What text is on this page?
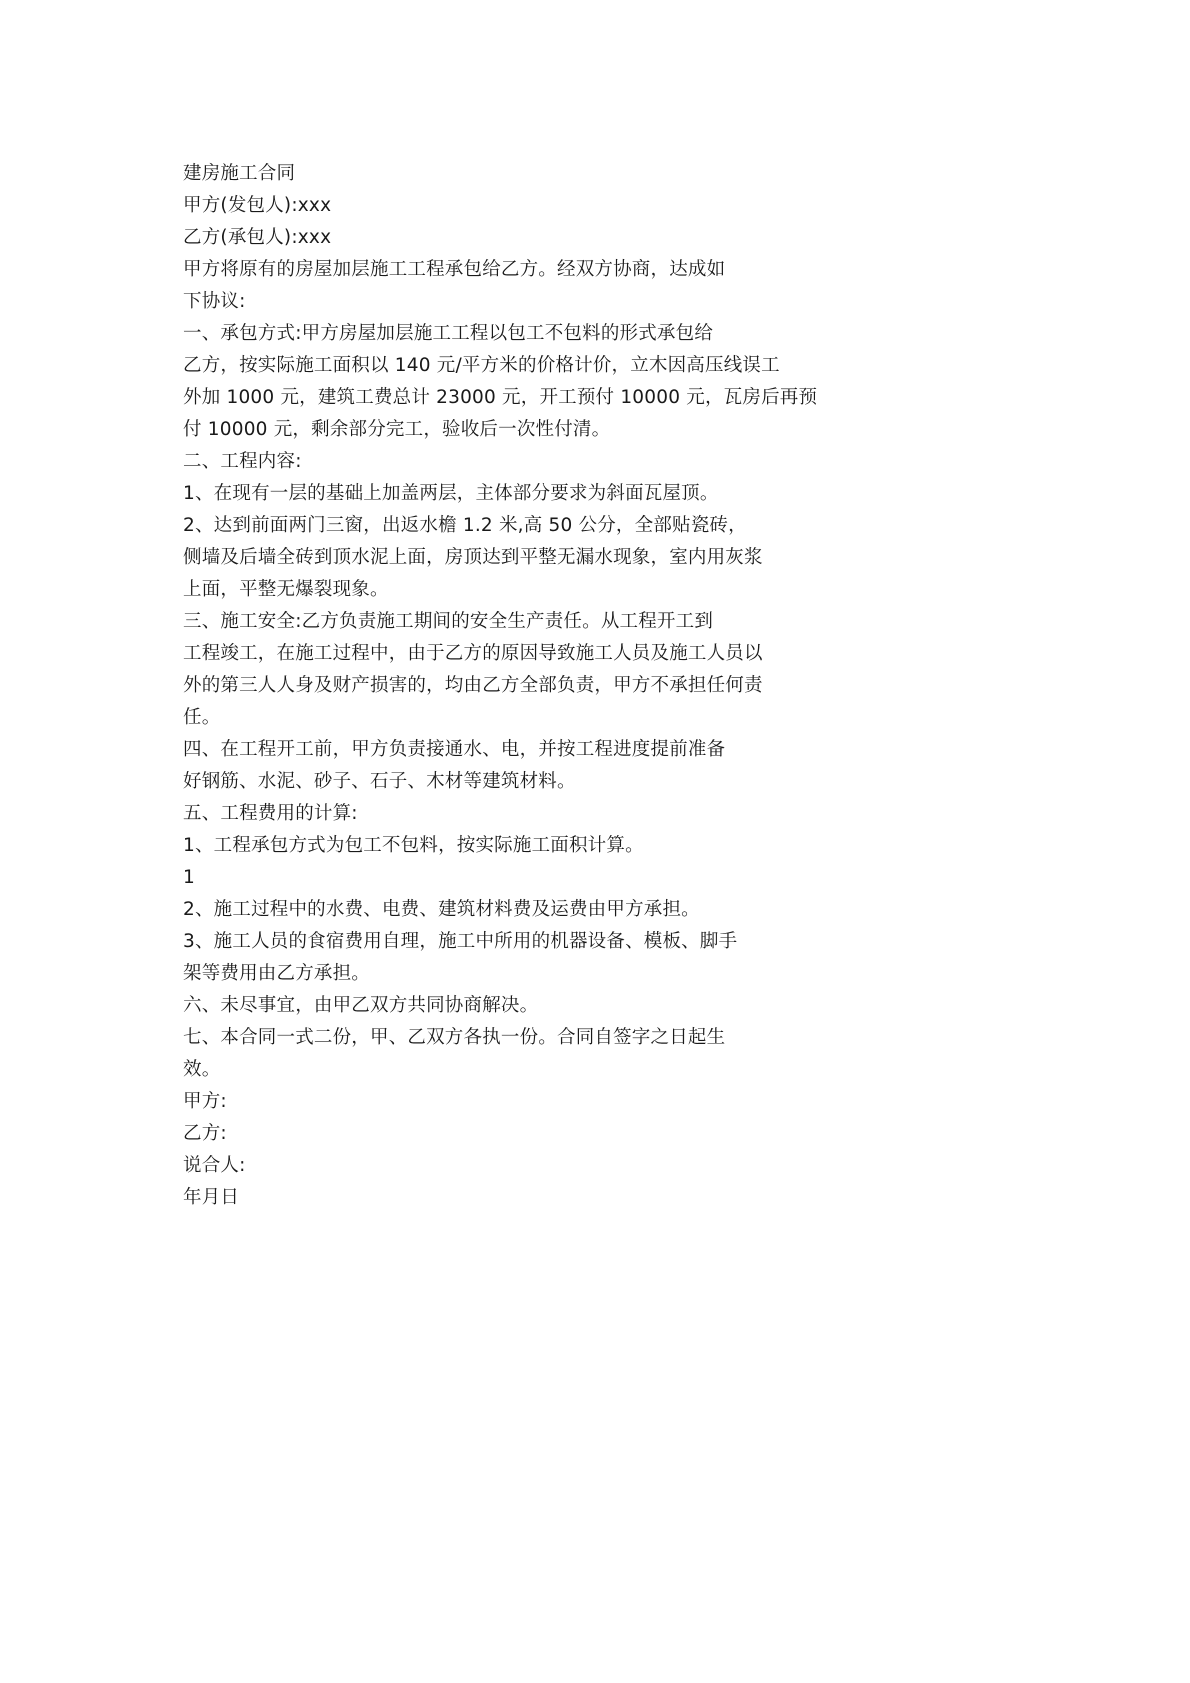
建房施工合同
甲方(发包人):xxx
乙方(承包人):xxx
甲方将原有的房屋加层施工工程承包给乙方。经双方协商，达成如
下协议:
一、承包方式:甲方房屋加层施工工程以包工不包料的形式承包给
乙方，按实际施工面积以 140 元/平方米的价格计价，立木因高压线误工
外加 1000 元，建筑工费总计 23000 元，开工预付 10000 元，瓦房后再预
付 10000 元，剩余部分完工，验收后一次性付清。
二、工程内容:
1、在现有一层的基础上加盖两层，主体部分要求为斜面瓦屋顶。
2、达到前面两门三窗，出返水檐 1.2 米,高 50 公分，全部贴瓷砖，
侧墙及后墙全砖到顶水泥上面，房顶达到平整无漏水现象，室内用灰浆
上面，平整无爆裂现象。
三、施工安全:乙方负责施工期间的安全生产责任。从工程开工到
工程竣工，在施工过程中，由于乙方的原因导致施工人员及施工人员以
外的第三人人身及财产损害的，均由乙方全部负责，甲方不承担任何责
任。
四、在工程开工前，甲方负责接通水、电，并按工程进度提前准备
好钢筋、水泥、砂子、石子、木材等建筑材料。
五、工程费用的计算:
1、工程承包方式为包工不包料，按实际施工面积计算。
1
2、施工过程中的水费、电费、建筑材料费及运费由甲方承担。
3、施工人员的食宿费用自理，施工中所用的机器设备、模板、脚手
架等费用由乙方承担。
六、未尽事宜，由甲乙双方共同协商解决。
七、本合同一式二份，甲、乙双方各执一份。合同自签字之日起生
效。
甲方:
乙方:
说合人:
年月日
